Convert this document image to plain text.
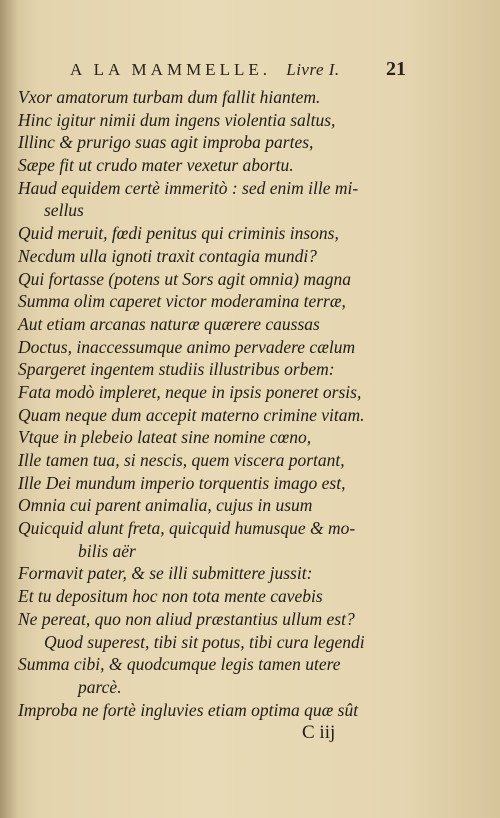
A LA MAMMELLE. Livre I.	21
Vxor amatorum turbam dum fallit hiantem.
Hinc igitur nimii dum ingens violentia saltus,
Illinc & prurigo suas agit improba partes,
Sæpe fit ut crudo mater vexetur abortu.
Haud equidem certè immeritò : sed enim ille mi-
sellus
Quid meruit, fœdi penitus qui criminis insons,
Necdum ulla ignoti traxit contagia mundi?
Qui fortasse (potens ut Sors agit omnia) magna
Summa olim caperet victor moderamina terræ,
Aut etiam arcanas naturæ quærere caussas
Doctus, inaccessumque animo pervadere cælum
Spargeret ingentem studiis illustribus orbem:
Fata modò impleret, neque in ipsis poneret orsis,
Quam neque dum accepit materno crimine vitam.
Vtque in plebeio lateat sine nomine cœno,
Ille tamen tua, si nescis, quem viscera portant,
Ille Dei mundum imperio torquentis imago est,
Omnia cui parent animalia, cujus in usum
Quicquid alunt freta, quicquid humusque & mo-
bilis aër
Formavit pater, & se illi submittere jussit:
Et tu depositum hoc non tota mente cavebis
Ne pereat, quo non aliud præstantius ullum est?
Quod superest, tibi sit potus, tibi cura legendi
Summa cibi, & quodcumque legis tamen utere
parcè.
Improba ne fortè ingluvies etiam optima quæ sût
C iij
